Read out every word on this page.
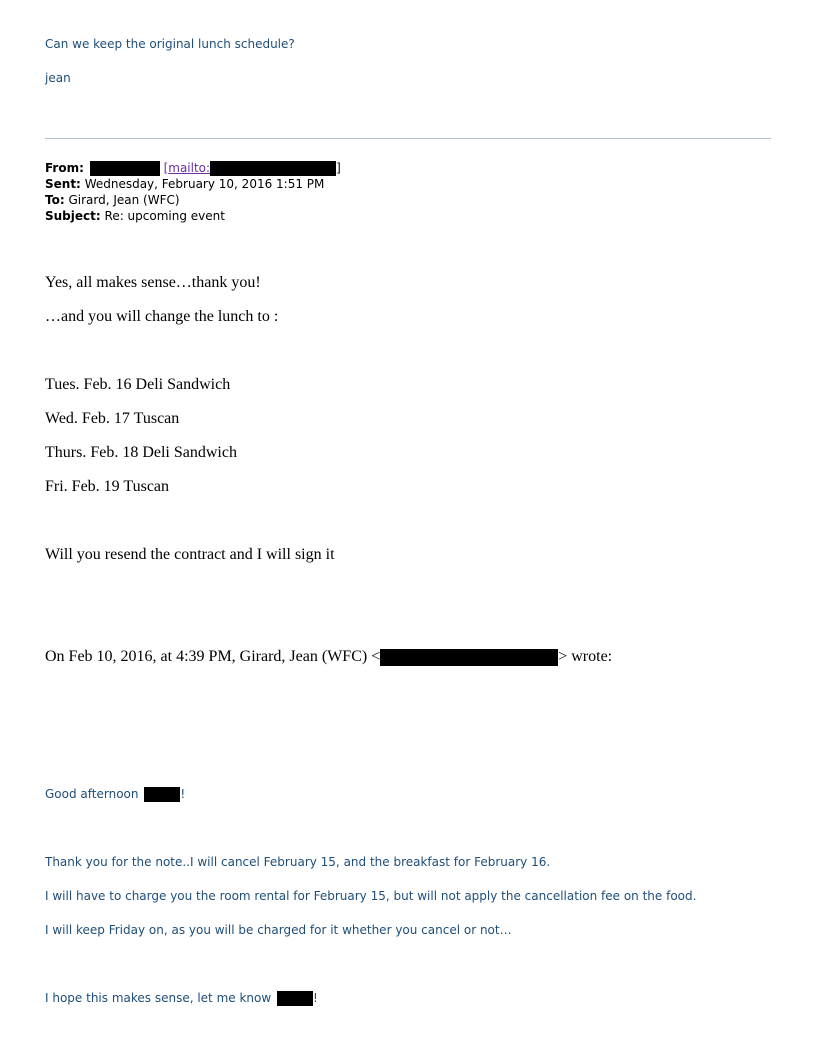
Can we keep the original lunch schedule?
jean
From:	[mailto:	]
Sent: Wednesday, February 10, 2016 1:51 PM
To: Girard, Jean (WFC)
Subject: Re: upcoming event
Yes, all makes sense…thank you!
…and you will change the lunch to :
Tues. Feb. 16 Deli Sandwich
Wed. Feb. 17 Tuscan
Thurs. Feb. 18 Deli Sandwich
Fri. Feb. 19 Tuscan
Will you resend the contract and I will sign it
On Feb 10, 2016, at 4:39 PM, Girard, Jean (WFC) <	> wrote:
Good afternoon	!
Thank you for the note..I will cancel February 15, and the breakfast for February 16.
I will have to charge you the room rental for February 15, but will not apply the cancellation fee on the food.
I will keep Friday on, as you will be charged for it whether you cancel or not…
I hope this makes sense, let me know	!
